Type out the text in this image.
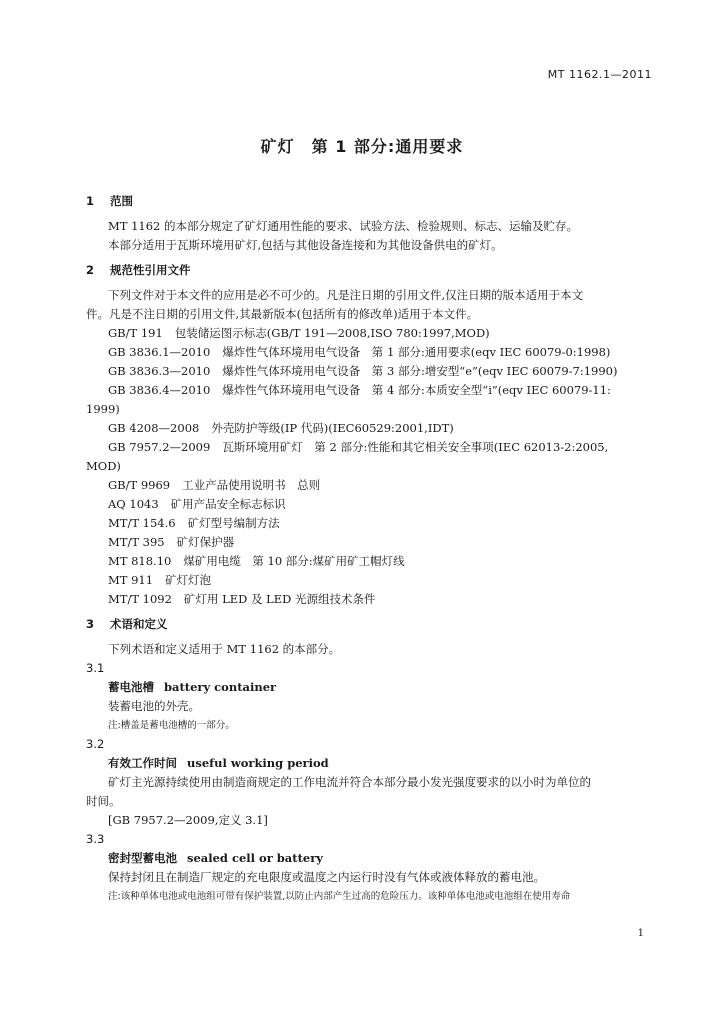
MT 1162.1—2011
矿灯　第 1 部分:通用要求
1 范围
MT 1162 的本部分规定了矿灯通用性能的要求、试验方法、检验规则、标志、运输及贮存。
本部分适用于瓦斯环境用矿灯,包括与其他设备连接和为其他设备供电的矿灯。
2 规范性引用文件
下列文件对于本文件的应用是必不可少的。凡是注日期的引用文件,仅注日期的版本适用于本文
件。凡是不注日期的引用文件,其最新版本(包括所有的修改单)适用于本文件。
GB/T 191 包装储运图示标志(GB/T 191—2008,ISO 780:1997,MOD)
GB 3836.1—2010 爆炸性气体环境用电气设备　第 1 部分:通用要求(eqv IEC 60079-0:1998)
GB 3836.3—2010 爆炸性气体环境用电气设备　第 3 部分:增安型“e”(eqv IEC 60079-7:1990)
GB 3836.4—2010 爆炸性气体环境用电气设备　第 4 部分:本质安全型“i”(eqv IEC 60079-11:
1999)
GB 4208—2008 外壳防护等级(IP 代码)(IEC60529:2001,IDT)
GB 7957.2—2009 瓦斯环境用矿灯　第 2 部分:性能和其它相关安全事项(IEC 62013-2:2005,
MOD)
GB/T 9969 工业产品使用说明书　总则
AQ 1043 矿用产品安全标志标识
MT/T 154.6 矿灯型号编制方法
MT/T 395 矿灯保护器
MT 818.10 煤矿用电缆　第 10 部分:煤矿用矿工帽灯线
MT 911 矿灯灯泡
MT/T 1092 矿灯用 LED 及 LED 光源组技术条件
3 术语和定义
下列术语和定义适用于 MT 1162 的本部分。
3.1
蓄电池槽 battery container
装蓄电池的外壳。
注:槽盖是蓄电池槽的一部分。
3.2
有效工作时间 useful working period
矿灯主光源持续使用由制造商规定的工作电流并符合本部分最小发光强度要求的以小时为单位的
时间。
[GB 7957.2—2009,定义 3.1]
3.3
密封型蓄电池 sealed cell or battery
保持封闭且在制造厂规定的充电限度或温度之内运行时没有气体或液体释放的蓄电池。
注:该种单体电池或电池组可带有保护装置,以防止内部产生过高的危险压力。该种单体电池或电池组在使用寿命
1
